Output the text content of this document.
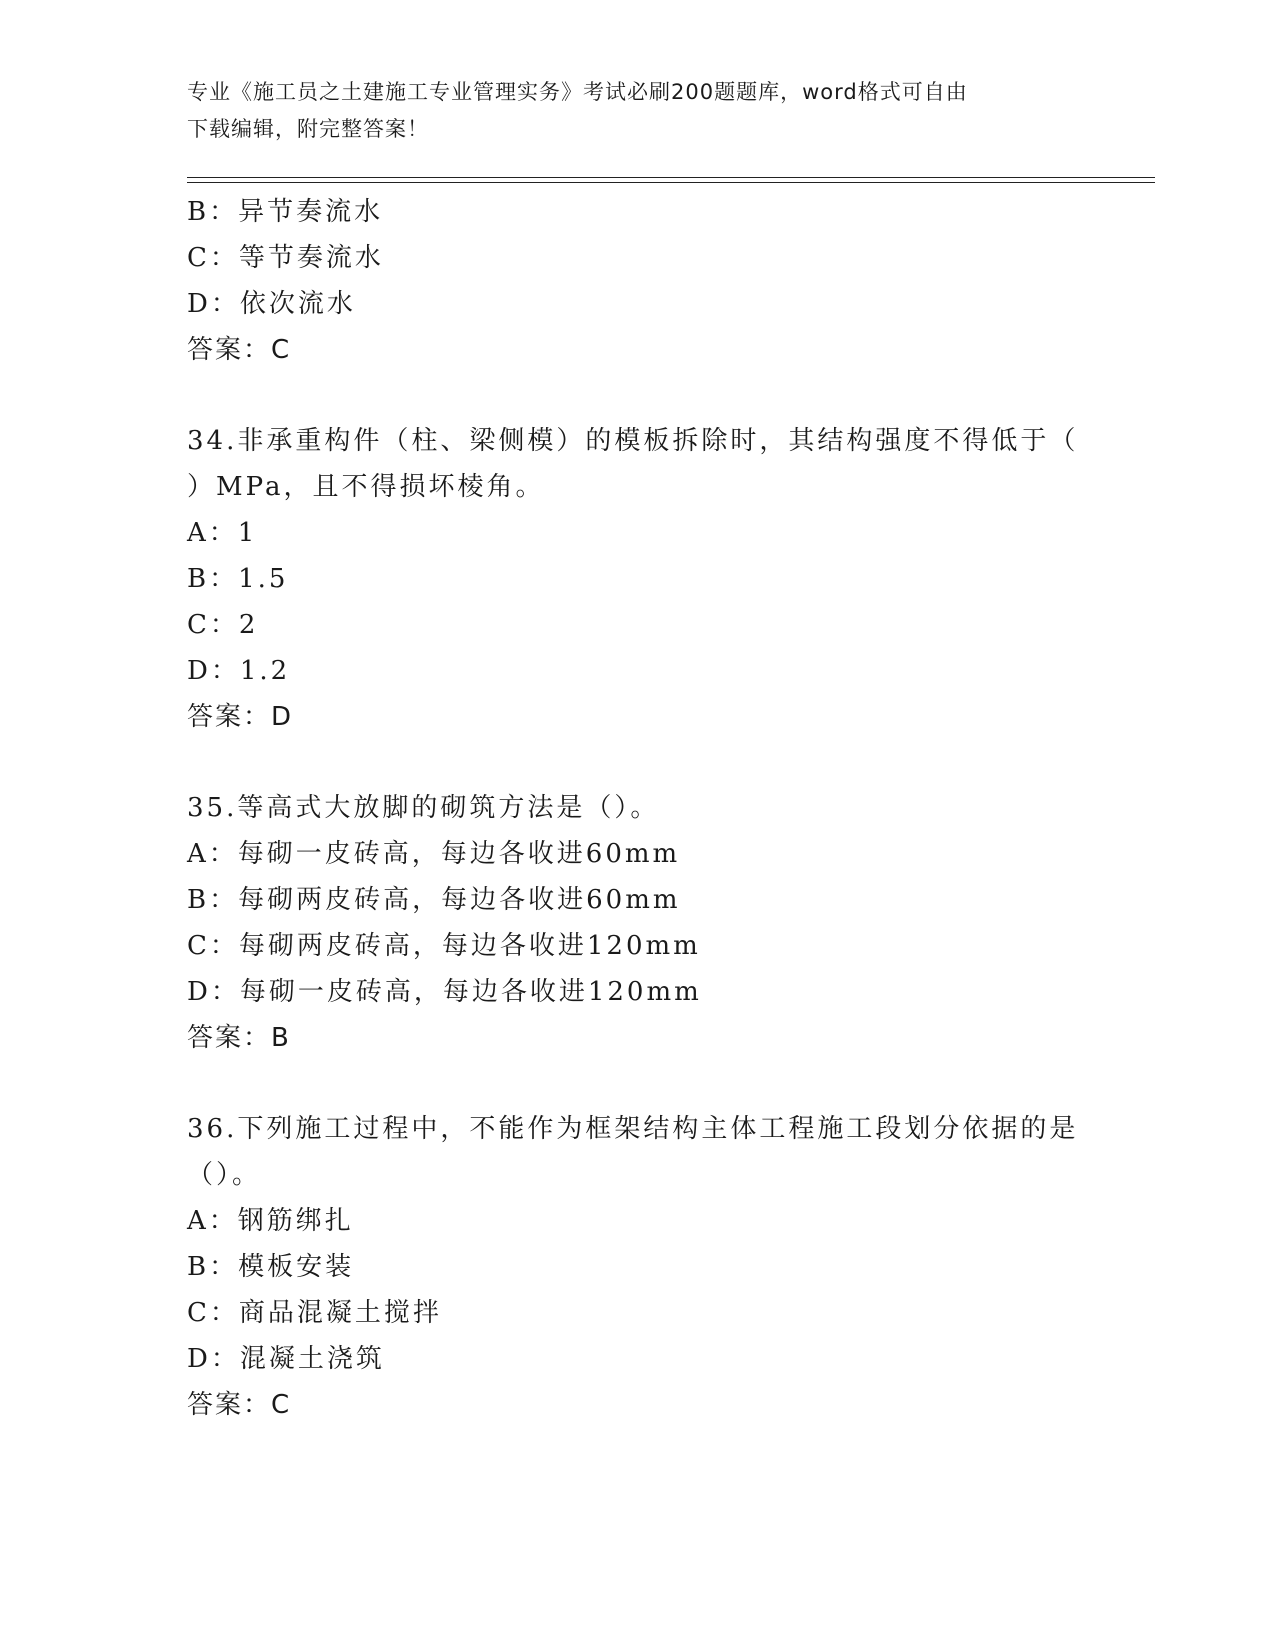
专业《施工员之土建施工专业管理实务》考试必刷200题题库，word格式可自由
下载编辑，附完整答案！
B：异节奏流水
C：等节奏流水
D：依次流水
答案：C
34.非承重构件（柱、梁侧模）的模板拆除时，其结构强度不得低于（
）MPa，且不得损坏棱角。
A：1
B：1.5
C：2
D：1.2
答案：D
35.等高式大放脚的砌筑方法是（）。
A：每砌一皮砖高，每边各收进60mm
B：每砌两皮砖高，每边各收进60mm
C：每砌两皮砖高，每边各收进120mm
D：每砌一皮砖高，每边各收进120mm
答案：B
36.下列施工过程中，不能作为框架结构主体工程施工段划分依据的是
（）。
A：钢筋绑扎
B：模板安装
C：商品混凝土搅拌
D：混凝土浇筑
答案：C
